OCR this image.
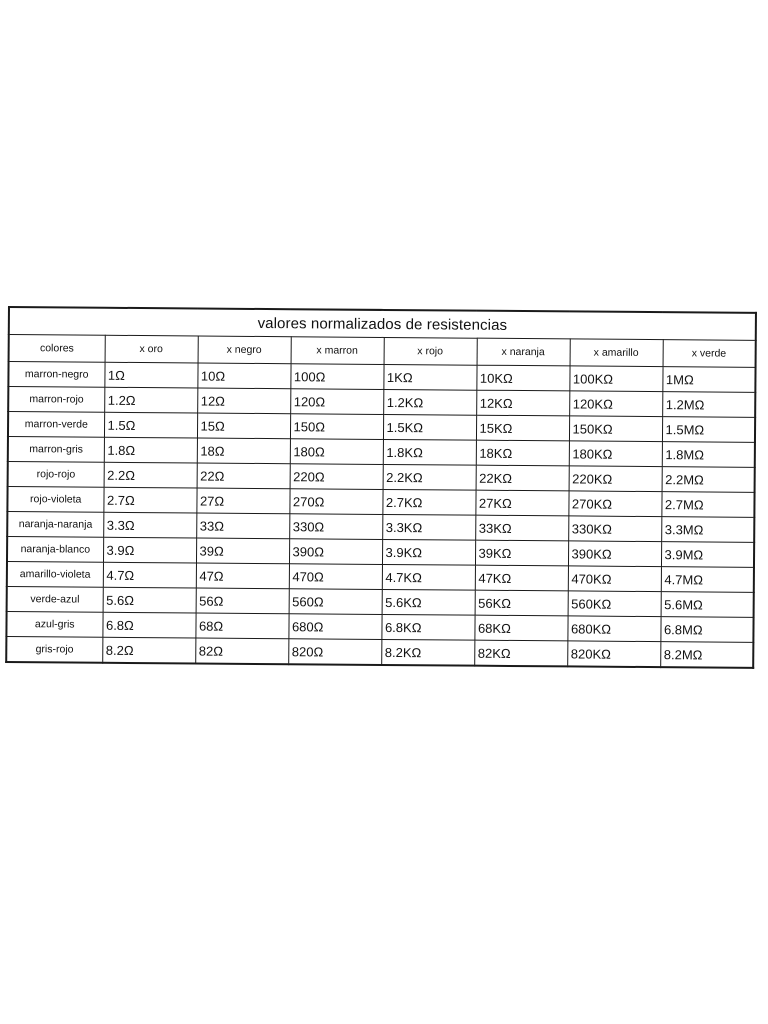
valores normalizados de resistencias							
colores	x oro	x negro	x marron	x rojo	x naranja	x amarillo	x verde
marron-negro	1Ω	10Ω	100Ω	1KΩ	10KΩ	100KΩ	1MΩ
marron-rojo	1.2Ω	12Ω	120Ω	1.2KΩ	12KΩ	120KΩ	1.2MΩ
marron-verde	1.5Ω	15Ω	150Ω	1.5KΩ	15KΩ	150KΩ	1.5MΩ
marron-gris	1.8Ω	18Ω	180Ω	1.8KΩ	18KΩ	180KΩ	1.8MΩ
rojo-rojo	2.2Ω	22Ω	220Ω	2.2KΩ	22KΩ	220KΩ	2.2MΩ
rojo-violeta	2.7Ω	27Ω	270Ω	2.7KΩ	27KΩ	270KΩ	2.7MΩ
naranja-naranja	3.3Ω	33Ω	330Ω	3.3KΩ	33KΩ	330KΩ	3.3MΩ
naranja-blanco	3.9Ω	39Ω	390Ω	3.9KΩ	39KΩ	390KΩ	3.9MΩ
amarillo-violeta	4.7Ω	47Ω	470Ω	4.7KΩ	47KΩ	470KΩ	4.7MΩ
verde-azul	5.6Ω	56Ω	560Ω	5.6KΩ	56KΩ	560KΩ	5.6MΩ
azul-gris	6.8Ω	68Ω	680Ω	6.8KΩ	68KΩ	680KΩ	6.8MΩ
gris-rojo	8.2Ω	82Ω	820Ω	8.2KΩ	82KΩ	820KΩ	8.2MΩ
